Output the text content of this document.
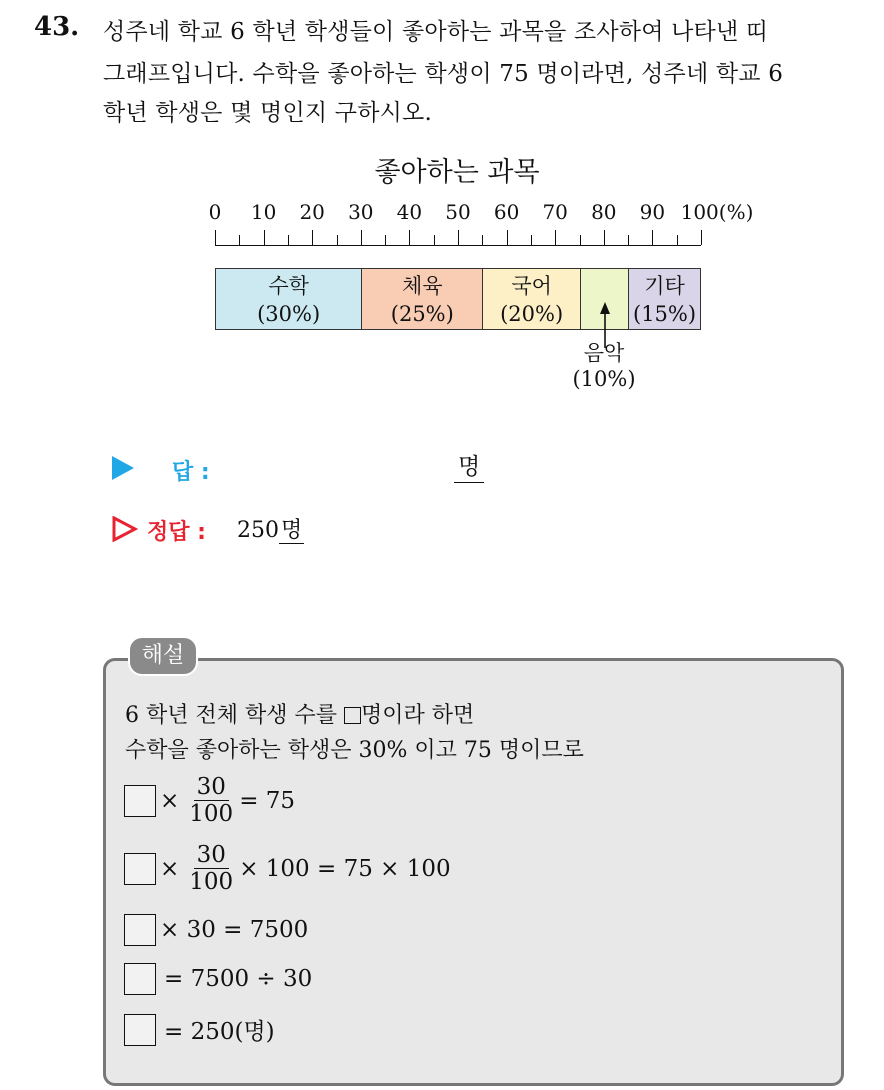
43. 성주네 학교 6 학년 학생들이 좋아하는 과목을 조사하여 나타낸 띠
그래프입니다. 수학을 좋아하는 학생이 75 명이라면, 성주네 학교 6
학년 학생은 몇 명인지 구하시오.
좋아하는 과목
0 10 20 30 40 50 60 70 80 90 100(%)
수학
(30%)
체육
(25%)
국어
(20%)
기타
(15%)
음악
(10%)
답 :	명
정답 : 250명
해설
6 학년 전체 학생 수를 명이라 하면
수학을 좋아하는 학생은 30% 이고 75 명이므로
× $\frac{30}{100} = 75$
× $\frac{30}{100} \times 100 = 75 \times 100$
× 30 = 7500
= 7500 ÷ 30
= 250(명)
